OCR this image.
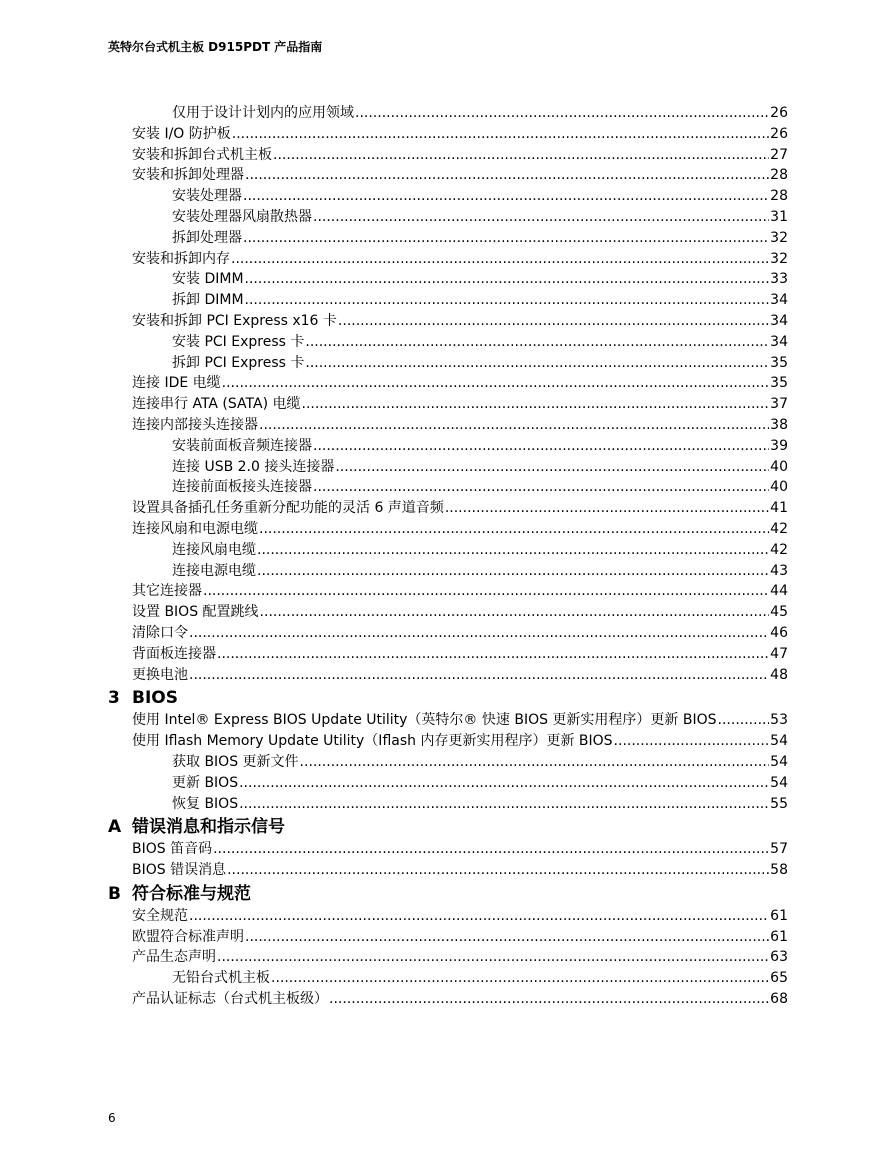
英特尔台式机主板 D915PDT 产品指南
仅用于设计计划内的应用领域 .....	26
安装 I/O 防护板 .....	26
安装和拆卸台式机主板 .....	27
安装和拆卸处理器 .....	28
安装处理器 .....	28
安装处理器风扇散热器 .....	31
拆卸处理器 .....	32
安装和拆卸内存 .....	32
安装 DIMM .....	33
拆卸 DIMM .....	34
安装和拆卸 PCI Express x16 卡 .....	34
安装 PCI Express 卡 .....	34
拆卸 PCI Express 卡 .....	35
连接 IDE 电缆 .....	35
连接串行 ATA (SATA) 电缆 .....	37
连接内部接头连接器 .....	38
安装前面板音频连接器 .....	39
连接 USB 2.0 接头连接器 .....	40
连接前面板接头连接器 .....	40
设置具备插孔任务重新分配功能的灵活 6 声道音频 .....	41
连接风扇和电源电缆 .....	42
连接风扇电缆 .....	42
连接电源电缆 .....	43
其它连接器 .....	44
设置 BIOS 配置跳线 .....	45
清除口令 .....	46
背面板连接器 .....	47
更换电池 .....	48
3 BIOS
使用 Intel® Express BIOS Update Utility（英特尔® 快速 BIOS 更新实用程序）更新 BIOS .....	53
使用 Iflash Memory Update Utility（Iflash 内存更新实用程序）更新 BIOS .....	54
获取 BIOS 更新文件 .....	54
更新 BIOS .....	54
恢复 BIOS .....	55
A 错误消息和指示信号
BIOS 笛音码 .....	57
BIOS 错误消息 .....	58
B 符合标准与规范
安全规范 .....	61
欧盟符合标准声明 .....	61
产品生态声明 .....	63
无铅台式机主板 .....	65
产品认证标志（台式机主板级） .....	68
6
